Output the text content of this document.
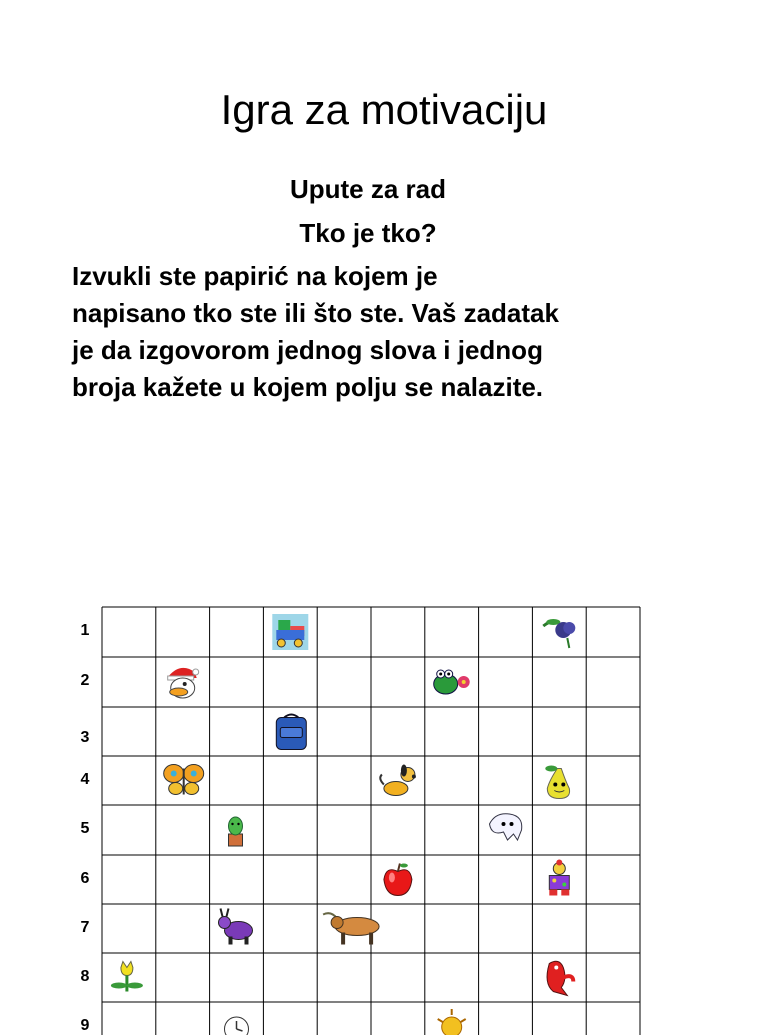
Igra za motivaciju
Upute za rad
Tko je tko?
Izvukli ste papirić na kojem je
napisano tko ste ili što ste. Vaš zadatak
je da izgovorom jednog slova i jednog
broja kažete u kojem polju se nalazite.
1
2
3
4
5
6
7
8
9
